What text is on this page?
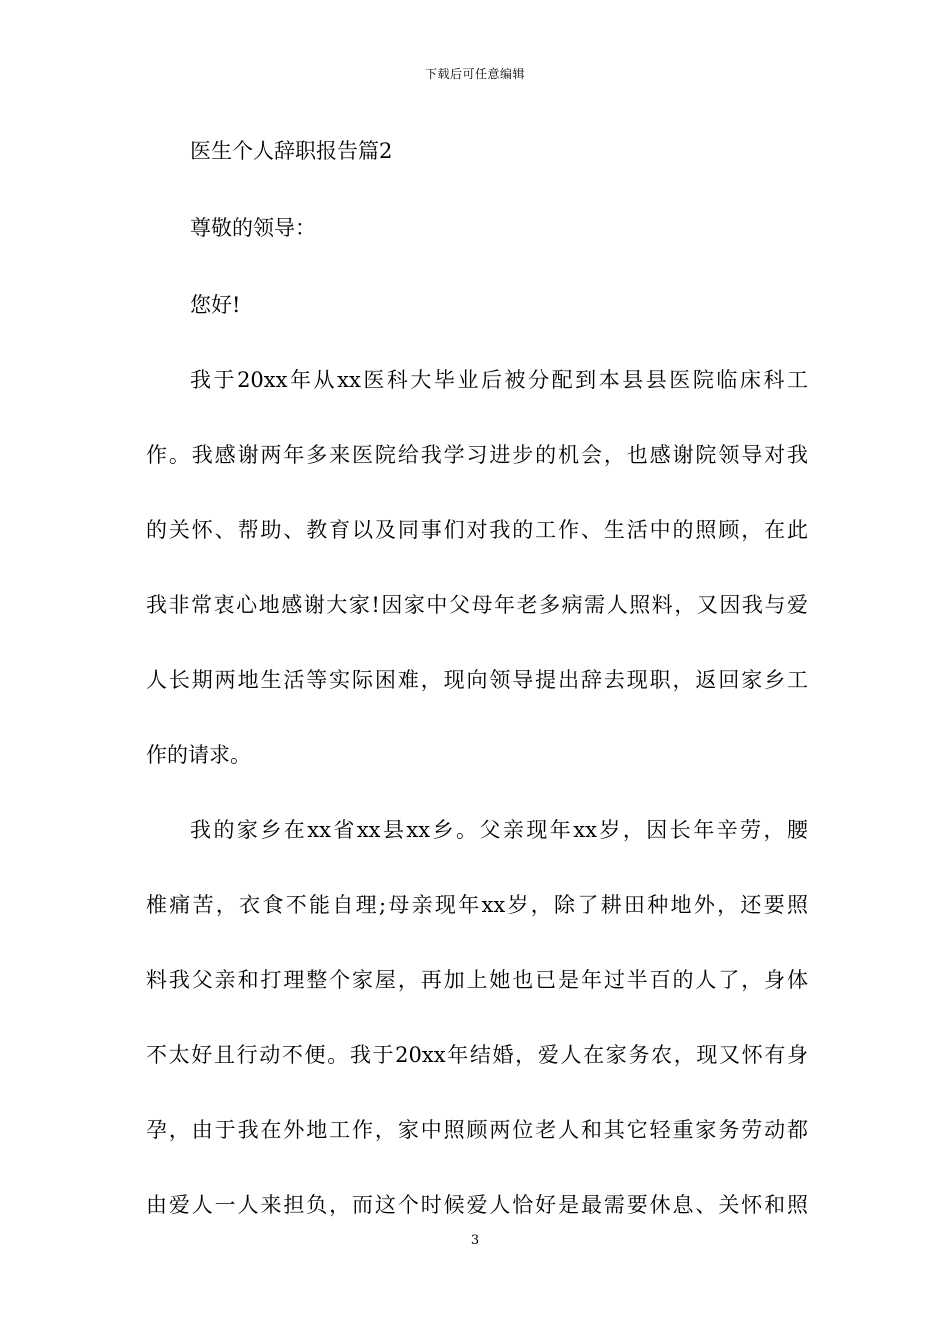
下载后可任意编辑
医生个人辞职报告篇2
尊敬的领导：
您好!
我于20xx年从xx医科大毕业后被分配到本县县医院临床科工
作。我感谢两年多来医院给我学习进步的机会，也感谢院领导对我
的关怀、帮助、教育以及同事们对我的工作、生活中的照顾，在此
我非常衷心地感谢大家!因家中父母年老多病需人照料，又因我与爱
人长期两地生活等实际困难，现向领导提出辞去现职，返回家乡工
作的请求。
我的家乡在xx省xx县xx乡。父亲现年xx岁，因长年辛劳，腰
椎痛苦，衣食不能自理;母亲现年xx岁，除了耕田种地外，还要照
料我父亲和打理整个家屋，再加上她也已是年过半百的人了，身体
不太好且行动不便。我于20xx年结婚，爱人在家务农，现又怀有身
孕，由于我在外地工作，家中照顾两位老人和其它轻重家务劳动都
由爱人一人来担负，而这个时候爱人恰好是最需要休息、关怀和照
3
